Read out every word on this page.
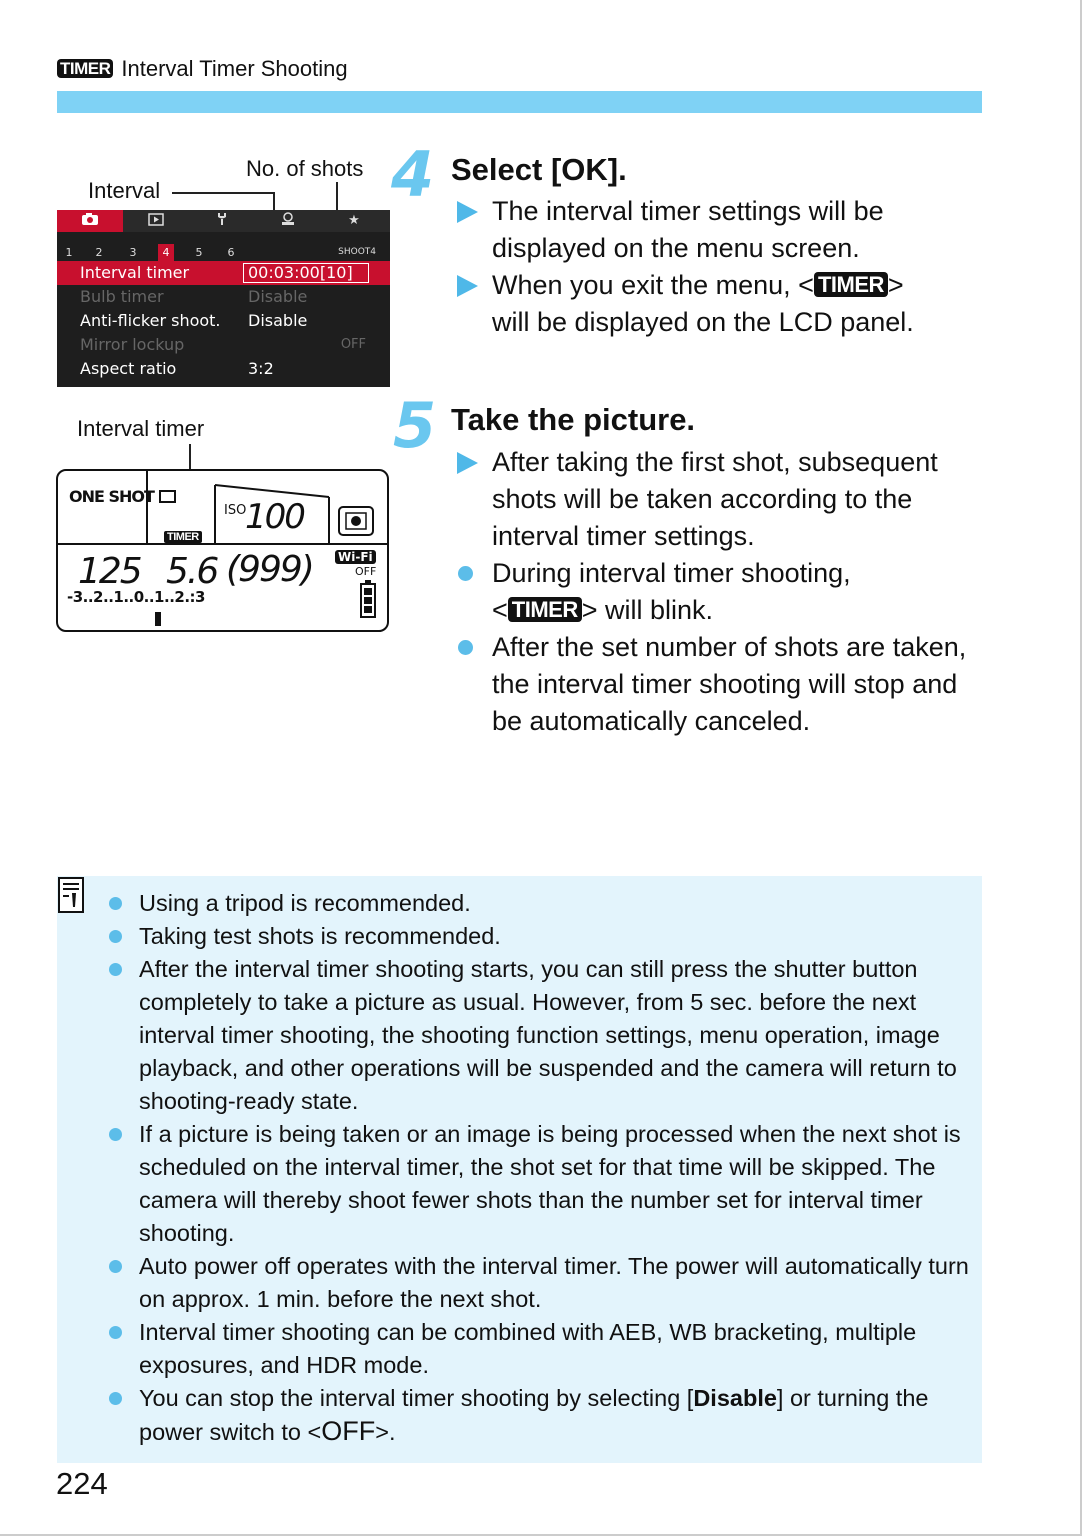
TIMER Interval Timer Shooting
No. of shots
Interval
★
1	2	3	4	5	6	SHOOT4
Interval timer	00:03:00[10]
Bulb timer	Disable
Anti-flicker shoot. Disable
Mirror lockup	OFF
Aspect ratio	3:2
Interval timer
ONE SHOT
TIMER
ISO
100
125 5.6 (999) Wi-Fi
OFF
-3..2..1..0..1..2.:3
4 Select [OK].
The interval timer settings will be displayed on the menu screen.
When you exit the menu, < TIMER >
will be displayed on the LCD panel.
5 Take the picture.
After taking the first shot, subsequent shots will be taken according to the interval timer settings.
During interval timer shooting,
< TIMER > will blink.
After the set number of shots are taken, the interval timer shooting will stop and be automatically canceled.
Using a tripod is recommended.
Taking test shots is recommended.
After the interval timer shooting starts, you can still press the shutter button completely to take a picture as usual. However, from 5 sec. before the next interval timer shooting, the shooting function settings, menu operation, image playback, and other operations will be suspended and the camera will return to shooting-ready state.
If a picture is being taken or an image is being processed when the next shot is scheduled on the interval timer, the shot set for that time will be skipped. The camera will thereby shoot fewer shots than the number set for interval timer shooting.
Auto power off operates with the interval timer. The power will automatically turn on approx. 1 min. before the next shot.
Interval timer shooting can be combined with AEB, WB bracketing, multiple exposures, and HDR mode.
You can stop the interval timer shooting by selecting [Disable] or turning the power switch to <OFF>.
224
